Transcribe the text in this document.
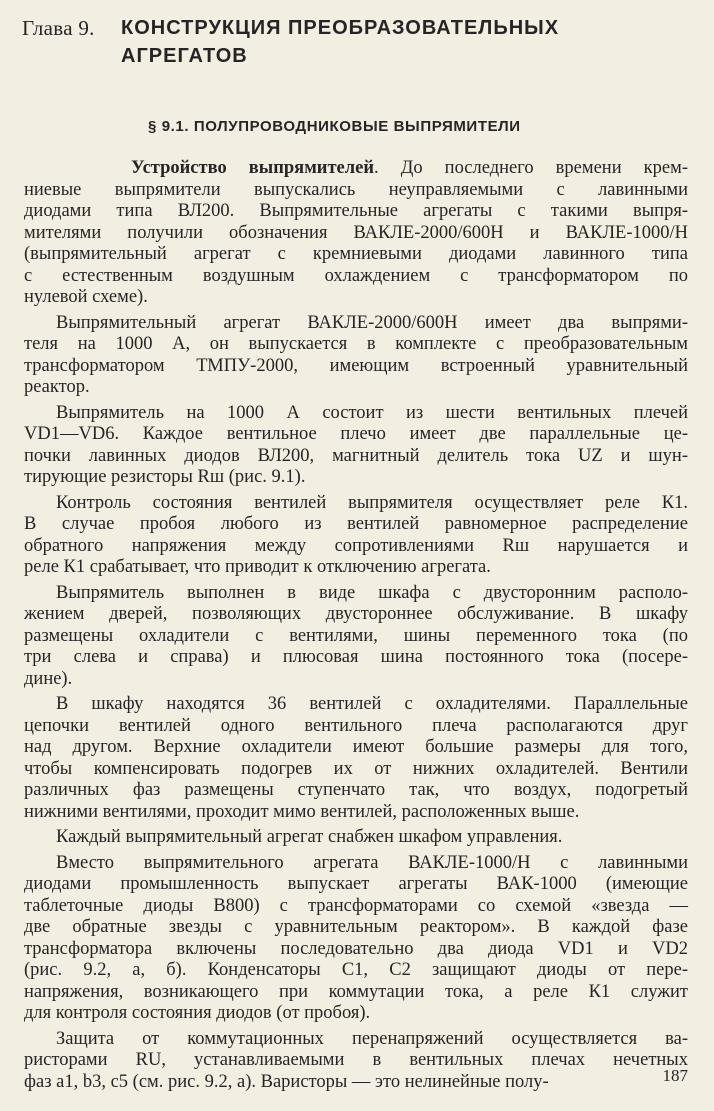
Глава 9. КОНСТРУКЦИЯ ПРЕОБРАЗОВАТЕЛЬНЫХ
АГРЕГАТОВ
§ 9.1. ПОЛУПРОВОДНИКОВЫЕ ВЫПРЯМИТЕЛИ
Устройство выпрямителей. До последнего времени крем-
ниевые выпрямители выпускались неуправляемыми с лавинными
диодами типа ВЛ200. Выпрямительные агрегаты с такими выпря-
мителями получили обозначения ВАКЛЕ-2000/600Н и ВАКЛЕ-1000/Н
(выпрямительный агрегат с кремниевыми диодами лавинного типа
с естественным воздушным охлаждением с трансформатором по
нулевой схеме).
Выпрямительный агрегат ВАКЛЕ-2000/600Н имеет два выпрями-
теля на 1000 А, он выпускается в комплекте с преобразовательным
трансформатором ТМПУ-2000, имеющим встроенный уравнительный
реактор.
Выпрямитель на 1000 А состоит из шести вентильных плечей
VD1—VD6. Каждое вентильное плечо имеет две параллельные це-
почки лавинных диодов ВЛ200, магнитный делитель тока UZ и шун-
тирующие резисторы Rш (рис. 9.1).
Контроль состояния вентилей выпрямителя осуществляет реле К1.
В случае пробоя любого из вентилей равномерное распределение
обратного напряжения между сопротивлениями Rш нарушается и
реле К1 срабатывает, что приводит к отключению агрегата.
Выпрямитель выполнен в виде шкафа с двусторонним располо-
жением дверей, позволяющих двустороннее обслуживание. В шкафу
размещены охладители с вентилями, шины переменного тока (по
три слева и справа) и плюсовая шина постоянного тока (посере-
дине).
В шкафу находятся 36 вентилей с охладителями. Параллельные
цепочки вентилей одного вентильного плеча располагаются друг
над другом. Верхние охладители имеют большие размеры для того,
чтобы компенсировать подогрев их от нижних охладителей. Вентили
различных фаз размещены ступенчато так, что воздух, подогретый
нижними вентилями, проходит мимо вентилей, расположенных выше.
Каждый выпрямительный агрегат снабжен шкафом управления.
Вместо выпрямительного агрегата ВАКЛЕ-1000/Н с лавинными
диодами промышленность выпускает агрегаты ВАК-1000 (имеющие
таблеточные диоды В800) с трансформаторами со схемой «звезда —
две обратные звезды с уравнительным реактором». В каждой фазе
трансформатора включены последовательно два диода VD1 и VD2
(рис. 9.2, а, б). Конденсаторы С1, С2 защищают диоды от пере-
напряжения, возникающего при коммутации тока, а реле К1 служит
для контроля состояния диодов (от пробоя).
Защита от коммутационных перенапряжений осуществляется ва-
ристорами RU, устанавливаемыми в вентильных плечах нечетных
фаз а1, b3, с5 (см. рис. 9.2, а). Варисторы — это нелинейные полу-	187
